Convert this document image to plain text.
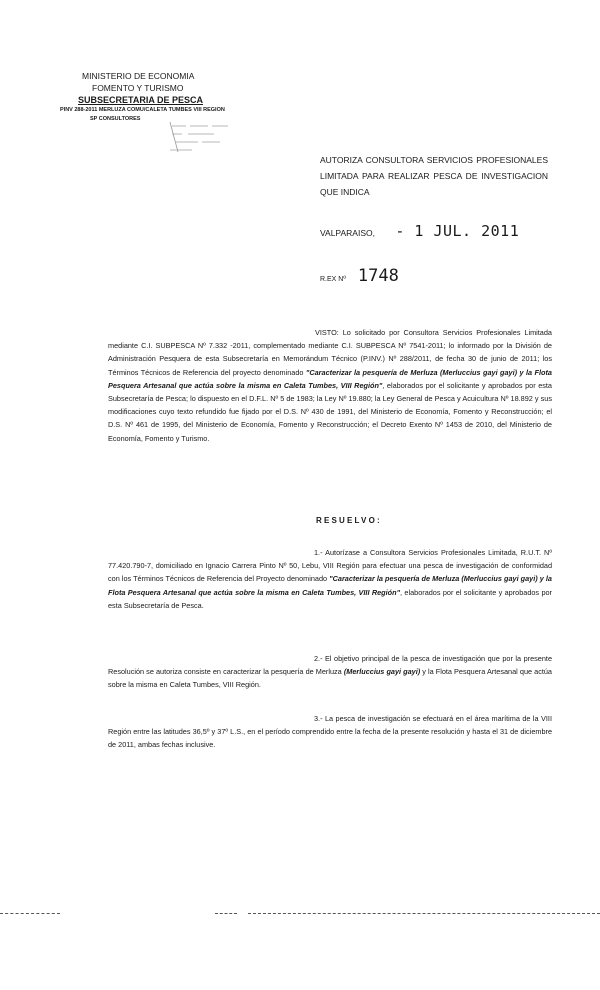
MINISTERIO DE ECONOMIA
FOMENTO Y TURISMO
SUBSECRETARIA DE PESCA
PINV 288-2011 MERLUZA COMU/CALETA TUMBES VIII REGION
SP CONSULTORES
AUTORIZA CONSULTORA SERVICIOS PROFESIONALES LIMITADA PARA REALIZAR PESCA DE INVESTIGACION QUE INDICA
VALPARAISO, - 1 JUL. 2011
R.EX Nº 1748
VISTO: Lo solicitado por Consultora Servicios Profesionales Limitada mediante C.I. SUBPESCA Nº 7.332 -2011, complementado mediante C.I. SUBPESCA Nº 7541-2011; lo informado por la División de Administración Pesquera de esta Subsecretaría en Memorándum Técnico (P.INV.) Nº 288/2011, de fecha 30 de junio de 2011; los Términos Técnicos de Referencia del proyecto denominado "Caracterizar la pesquería de Merluza (Merluccius gayi gayi) y la Flota Pesquera Artesanal que actúa sobre la misma en Caleta Tumbes, VIII Región", elaborados por el solicitante y aprobados por esta Subsecretaría de Pesca; lo dispuesto en el D.F.L. Nº 5 de 1983; la Ley Nº 19.880; la Ley General de Pesca y Acuicultura Nº 18.892 y sus modificaciones cuyo texto refundido fue fijado por el D.S. Nº 430 de 1991, del Ministerio de Economía, Fomento y Reconstrucción; el D.S. Nº 461 de 1995, del Ministerio de Economía, Fomento y Reconstrucción; el Decreto Exento Nº 1453 de 2010, del Ministerio de Economía, Fomento y Turismo.
RESUELVO:
1.- Autorízase a Consultora Servicios Profesionales Limitada, R.U.T. Nº 77.420.790-7, domiciliado en Ignacio Carrera Pinto Nº 50, Lebu, VIII Región para efectuar una pesca de investigación de conformidad con los Términos Técnicos de Referencia del Proyecto denominado "Caracterizar la pesquería de Merluza (Merluccius gayi gayi) y la Flota Pesquera Artesanal que actúa sobre la misma en Caleta Tumbes, VIII Región", elaborados por el solicitante y aprobados por esta Subsecretaría de Pesca.
2.- El objetivo principal de la pesca de investigación que por la presente Resolución se autoriza consiste en caracterizar la pesquería de Merluza (Merluccius gayi gayi) y la Flota Pesquera Artesanal que actúa sobre la misma en Caleta Tumbes, VIII Región.
3.- La pesca de investigación se efectuará en el área marítima de la VIII Región entre las latitudes 36,5º y 37º L.S., en el período comprendido entre la fecha de la presente resolución y hasta el 31 de diciembre de 2011, ambas fechas inclusive.
